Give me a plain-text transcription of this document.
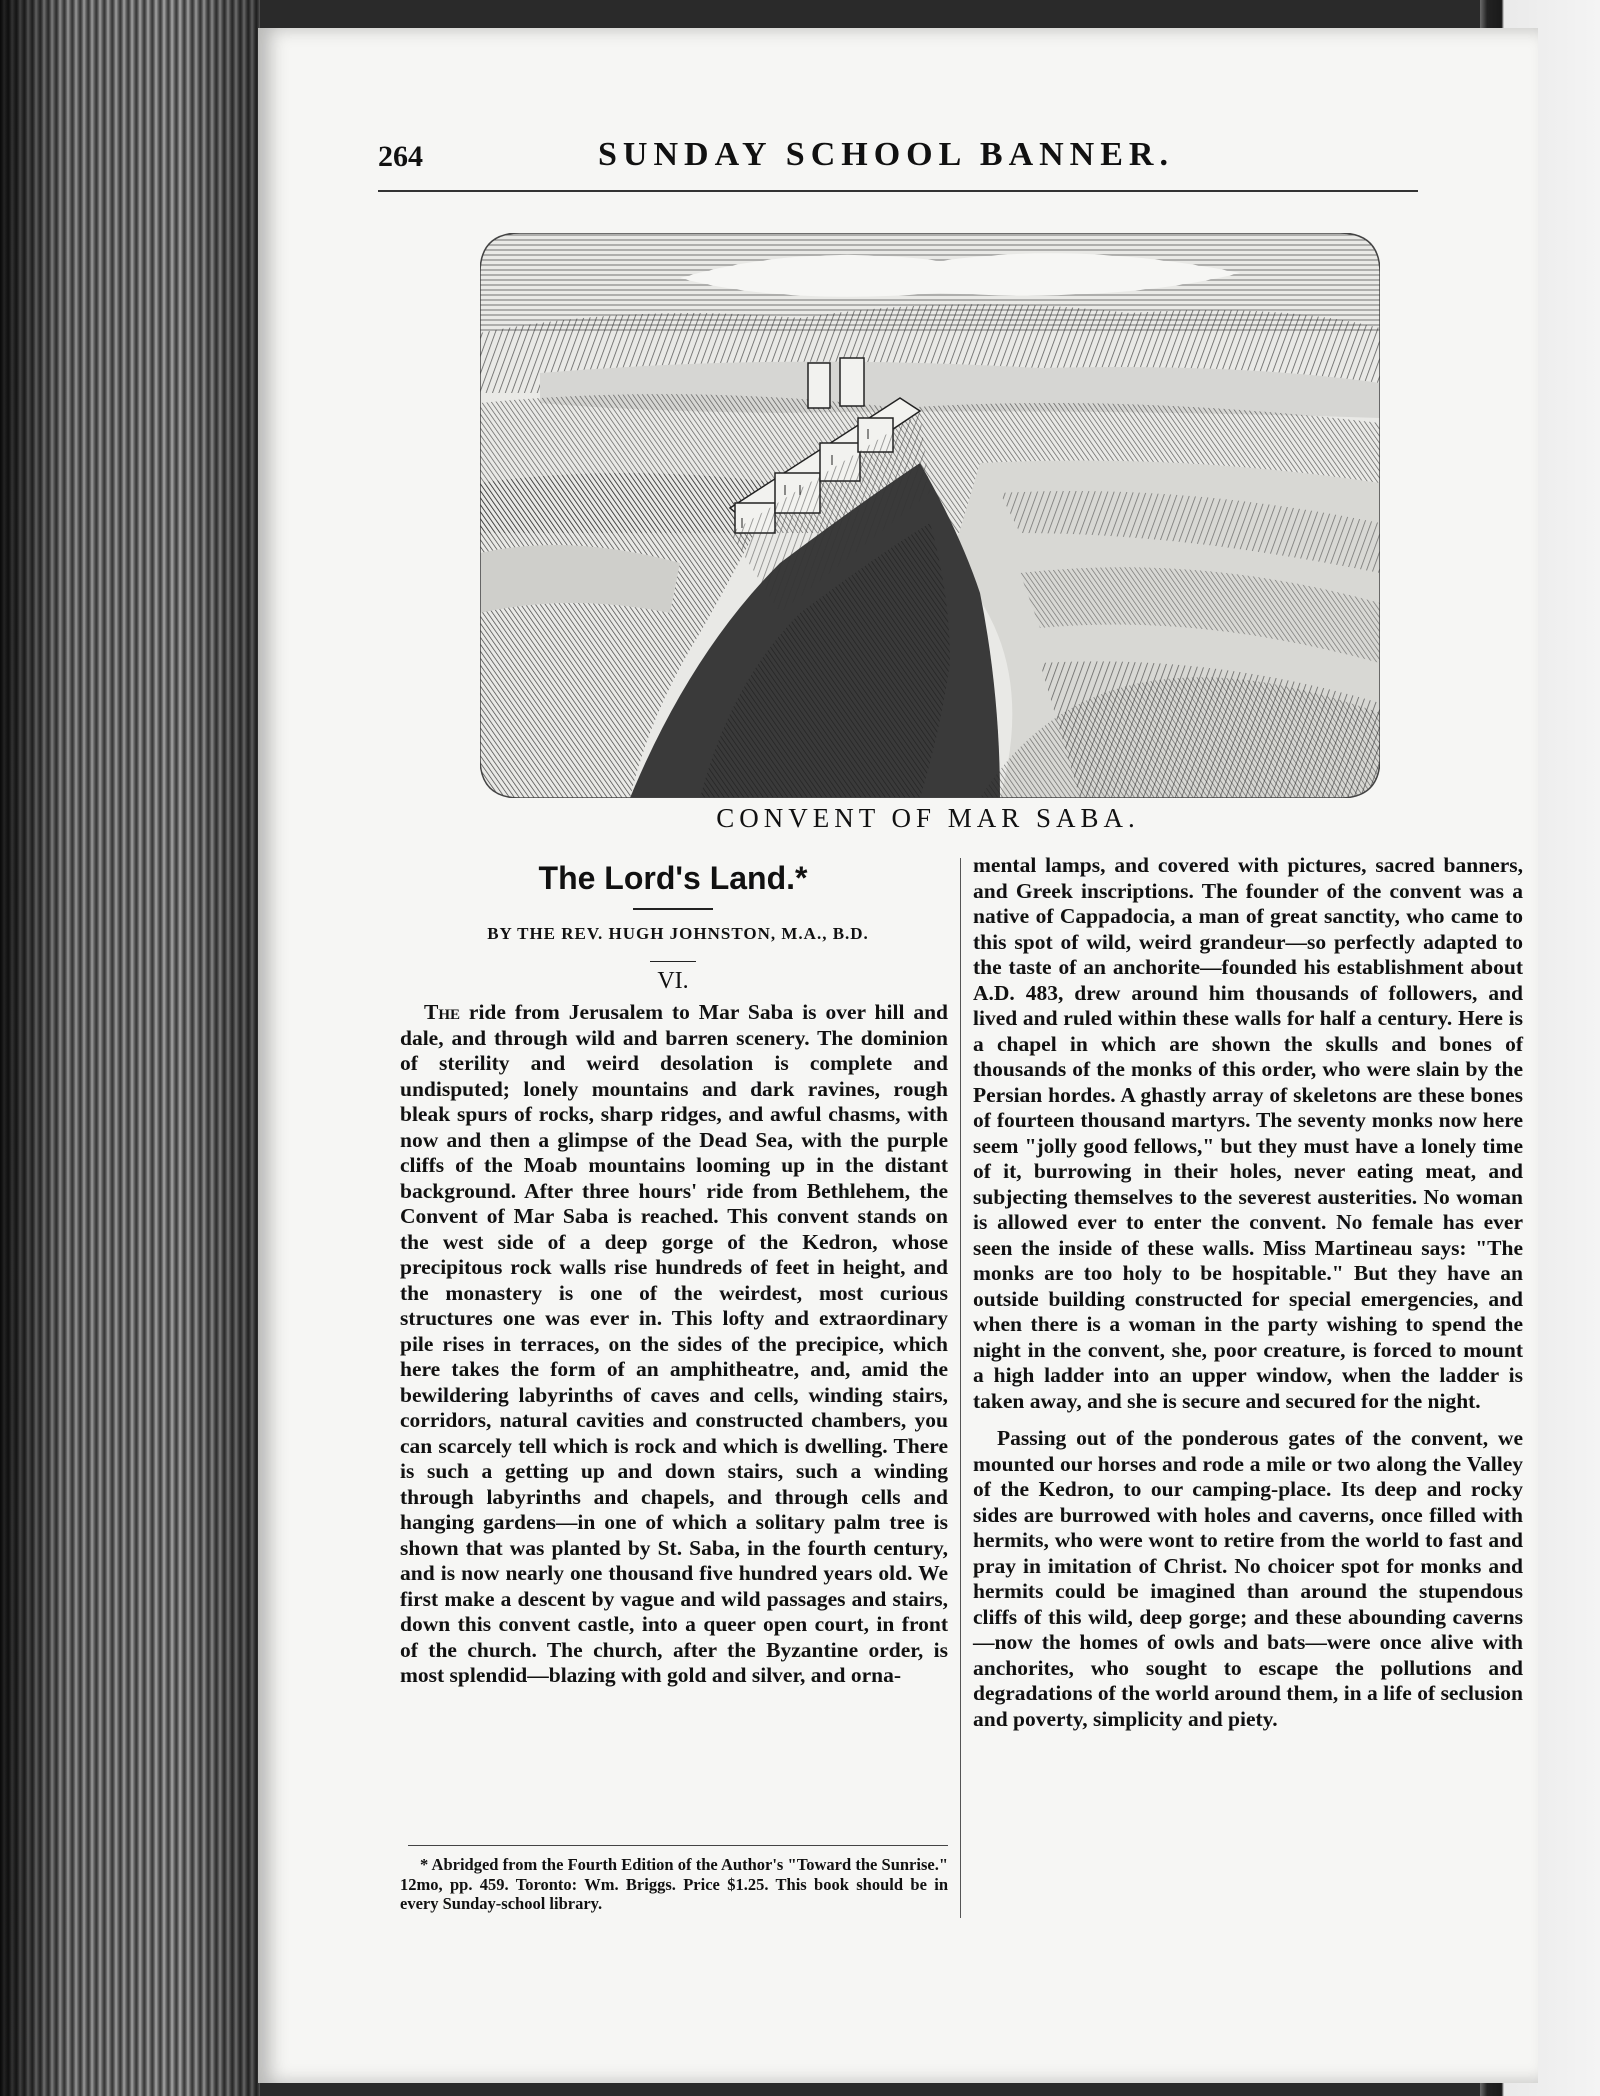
264	SUNDAY SCHOOL BANNER.
CONVENT OF MAR SABA.
The Lord's Land.*
BY THE REV. HUGH JOHNSTON, M.A., B.D.
VI.

The ride from Jerusalem to Mar Saba is over hill and dale, and through wild and barren scenery. The dominion of sterility and weird desolation is complete and undisputed; lonely mountains and dark ravines, rough bleak spurs of rocks, sharp ridges, and awful chasms, with now and then a glimpse of the Dead Sea, with the purple cliffs of the Moab mountains looming up in the distant background. After three hours' ride from Bethlehem, the Convent of Mar Saba is reached. This convent stands on the west side of a deep gorge of the Kedron, whose precipitous rock walls rise hundreds of feet in height, and the monastery is one of the weirdest, most curious structures one was ever in. This lofty and extraordinary pile rises in terraces, on the sides of the precipice, which here takes the form of an amphitheatre, and, amid the bewildering labyrinths of caves and cells, winding stairs, corridors, natural cavities and constructed chambers, you can scarcely tell which is rock and which is dwelling. There is such a getting up and down stairs, such a winding through labyrinths and chapels, and through cells and hanging gardens—in one of which a solitary palm tree is shown that was planted by St. Saba, in the fourth century, and is now nearly one thousand five hundred years old. We first make a descent by vague and wild passages and stairs, down this convent castle, into a queer open court, in front of the church. The church, after the Byzantine order, is most splendid—blazing with gold and silver, and orna-

mental lamps, and covered with pictures, sacred banners, and Greek inscriptions. The founder of the convent was a native of Cappadocia, a man of great sanctity, who came to this spot of wild, weird grandeur—so perfectly adapted to the taste of an anchorite—founded his establishment about A.D. 483, drew around him thousands of followers, and lived and ruled within these walls for half a century. Here is a chapel in which are shown the skulls and bones of thousands of the monks of this order, who were slain by the Persian hordes. A ghastly array of skeletons are these bones of fourteen thousand martyrs. The seventy monks now here seem "jolly good fellows," but they must have a lonely time of it, burrowing in their holes, never eating meat, and subjecting themselves to the severest austerities. No woman is allowed ever to enter the convent. No female has ever seen the inside of these walls. Miss Martineau says: "The monks are too holy to be hospitable." But they have an outside building constructed for special emergencies, and when there is a woman in the party wishing to spend the night in the convent, she, poor creature, is forced to mount a high ladder into an upper window, when the ladder is taken away, and she is secure and secured for the night.

Passing out of the ponderous gates of the convent, we mounted our horses and rode a mile or two along the Valley of the Kedron, to our camping-place. Its deep and rocky sides are burrowed with holes and caverns, once filled with hermits, who were wont to retire from the world to fast and pray in imitation of Christ. No choicer spot for monks and hermits could be imagined than around the stupendous cliffs of this wild, deep gorge; and these abounding caverns—now the homes of owls and bats—were once alive with anchorites, who sought to escape the pollutions and degradations of the world around them, in a life of seclusion and poverty, simplicity and piety.

* Abridged from the Fourth Edition of the Author's "Toward the Sunrise." 12mo, pp. 459. Toronto: Wm. Briggs. Price $1.25. This book should be in every Sunday-school library.
